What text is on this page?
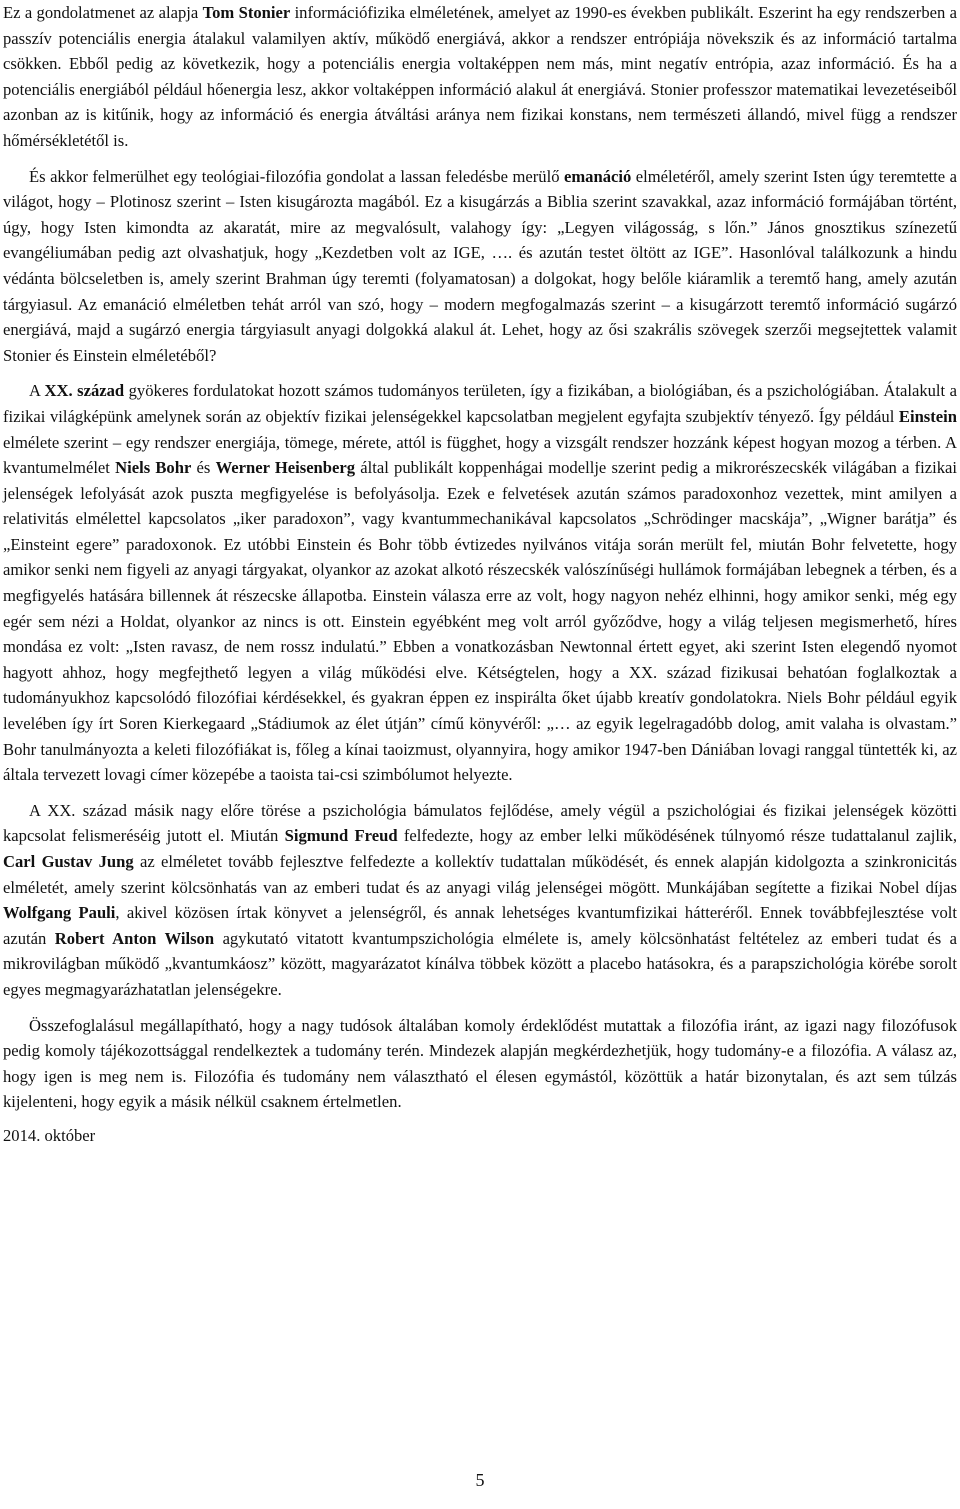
Ez a gondolatmenet az alapja Tom Stonier információfizika elméletének, amelyet az 1990-es években publikált. Eszerint ha egy rendszerben a passzív potenciális energia átalakul valamilyen aktív, működő energiává, akkor a rendszer entrópiája növekszik és az információ tartalma csökken. Ebből pedig az következik, hogy a potenciális energia voltaképpen nem más, mint negatív entrópia, azaz információ. És ha a potenciális energiából például hőenergia lesz, akkor voltaképpen információ alakul át energiává. Stonier professzor matematikai levezetéseiből azonban az is kitűnik, hogy az információ és energia átváltási aránya nem fizikai konstans, nem természeti állandó, mivel függ a rendszer hőmérsékletétől is.

És akkor felmerülhet egy teológiai-filozófia gondolat a lassan feledésbe merülő emanáció elméletéről, amely szerint Isten úgy teremtette a világot, hogy – Plotinosz szerint – Isten kisugározta magából. Ez a kisugárzás a Biblia szerint szavakkal, azaz információ formájában történt, úgy, hogy Isten kimondta az akaratát, mire az megvalósult, valahogy így: „Legyen világosság, s lőn.” János gnosztikus színezetű evangéliumában pedig azt olvashatjuk, hogy „Kezdetben volt az IGE, …. és azután testet öltött az IGE”. Hasonlóval találkozunk a hindu védánta bölcseletben is, amely szerint Brahman úgy teremti (folyamatosan) a dolgokat, hogy belőle kiáramlik a teremtő hang, amely azután tárgyiasul. Az emanáció elméletben tehát arról van szó, hogy – modern megfogalmazás szerint – a kisugárzott teremtő információ sugárzó energiává, majd a sugárzó energia tárgyiasult anyagi dolgokká alakul át. Lehet, hogy az ősi szakrális szövegek szerzői megsejtettek valamit Stonier és Einstein elméletéből?

A XX. század gyökeres fordulatokat hozott számos tudományos területen, így a fizikában, a biológiában, és a pszichológiában. Átalakult a fizikai világképünk amelynek során az objektív fizikai jelenségekkel kapcsolatban megjelent egyfajta szubjektív tényező. Így például Einstein elmélete szerint – egy rendszer energiája, tömege, mérete, attól is függhet, hogy a vizsgált rendszer hozzánk képest hogyan mozog a térben. A kvantumelmélet Niels Bohr és Werner Heisenberg által publikált koppenhágai modellje szerint pedig a mikrorészecskék világában a fizikai jelenségek lefolyását azok puszta megfigyelése is befolyásolja. Ezek e felvetések azután számos paradoxonhoz vezettek, mint amilyen a relativitás elmélettel kapcsolatos „iker paradoxon”, vagy kvantummechanikával kapcsolatos „Schrödinger macskája”, „Wigner barátja” és „Einsteint egere” paradoxonok. Ez utóbbi Einstein és Bohr több évtizedes nyilvános vitája során merült fel, miután Bohr felvetette, hogy amikor senki nem figyeli az anyagi tárgyakat, olyankor az azokat alkotó részecskék valószínűségi hullámok formájában lebegnek a térben, és a megfigyelés hatására billennek át részecske állapotba. Einstein válasza erre az volt, hogy nagyon nehéz elhinni, hogy amikor senki, még egy egér sem nézi a Holdat, olyankor az nincs is ott. Einstein egyébként meg volt arról győződve, hogy a világ teljesen megismerhető, híres mondása ez volt: „Isten ravasz, de nem rossz indulatú.” Ebben a vonatkozásban Newtonnal értett egyet, aki szerint Isten elegendő nyomot hagyott ahhoz, hogy megfejthető legyen a világ működési elve. Kétségtelen, hogy a XX. század fizikusai behatóan foglalkoztak a tudományukhoz kapcsolódó filozófiai kérdésekkel, és gyakran éppen ez inspirálta őket újabb kreatív gondolatokra. Niels Bohr például egyik levelében így írt Soren Kierkegaard „Stádiumok az élet útján” című könyvéről: „… az egyik legelragadóbb dolog, amit valaha is olvastam.” Bohr tanulmányozta a keleti filozófiákat is, főleg a kínai taoizmust, olyannyira, hogy amikor 1947-ben Dániában lovagi ranggal tüntették ki, az általa tervezett lovagi címer közepébe a taoista tai-csi szimbólumot helyezte.

A XX. század másik nagy előre törése a pszichológia bámulatos fejlődése, amely végül a pszichológiai és fizikai jelenségek közötti kapcsolat felismeréséig jutott el. Miután Sigmund Freud felfedezte, hogy az ember lelki működésének túlnyomó része tudattalanul zajlik, Carl Gustav Jung az elméletet tovább fejlesztve felfedezte a kollektív tudattalan működését, és ennek alapján kidolgozta a szinkronicitás elméletét, amely szerint kölcsönhatás van az emberi tudat és az anyagi világ jelenségei mögött. Munkájában segítette a fizikai Nobel díjas Wolfgang Pauli, akivel közösen írtak könyvet a jelenségről, és annak lehetséges kvantumfizikai hátteréről. Ennek továbbfejlesztése volt azután Robert Anton Wilson agykutató vitatott kvantumpszichológia elmélete is, amely kölcsönhatást feltételez az emberi tudat és a mikrovilágban működő „kvantumkáosz” között, magyarázatot kínálva többek között a placebo hatásokra, és a parapszichológia körébe sorolt egyes megmagyarázhatatlan jelenségekre.

Összefoglalásul megállapítható, hogy a nagy tudósok általában komoly érdeklődést mutattak a filozófia iránt, az igazi nagy filozófusok pedig komoly tájékozottsággal rendelkeztek a tudomány terén. Mindezek alapján megkérdezhetjük, hogy tudomány-e a filozófia. A válasz az, hogy igen is meg nem is. Filozófia és tudomány nem választható el élesen egymástól, közöttük a határ bizonytalan, és azt sem túlzás kijelenteni, hogy egyik a másik nélkül csaknem értelmetlen.

2014. október
5
